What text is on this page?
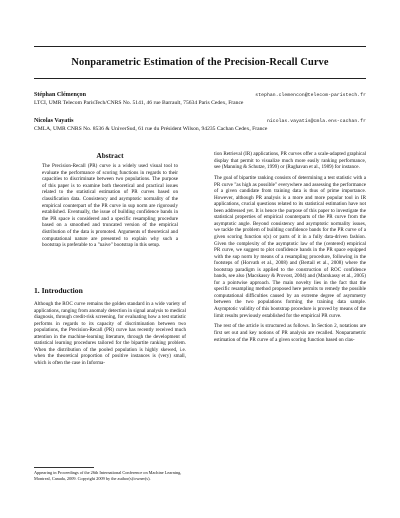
Nonparametric Estimation of the Precision-Recall Curve
Stéphan Clémençon	stephan.clemencon@telecom-paristech.fr
LTCI, UMR Telecom ParisTech/CNRS No. 5141, 46 rue Barrault, 75634 Paris Cedex, France
Nicolas Vayatis	nicolas.vayatis@cmla.ens-cachan.fr
CMLA, UMR CNRS No. 8536 & UniverSud, 61 rue du Président Wilson, 94235 Cachan Cedex, France
Abstract

The Precision-Recall (PR) curve is a widely used visual tool to evaluate the performance of scoring functions in regards to their capacities to discriminate between two populations. The purpose of this paper is to examine both theoretical and practical issues related to the statistical estimation of PR curves based on classification data. Consistency and asymptotic normality of the empirical counterpart of the PR curve in sup norm are rigorously established. Eventually, the issue of building confidence bands in the PR space is considered and a specific resampling procedure based on a smoothed and truncated version of the empirical distribution of the data is promoted. Arguments of theoretical and computational nature are presented to explain why such a bootstrap is preferable to a "naive" bootstrap in this setup.

1. Introduction

Although the ROC curve remains the golden standard in a wide variety of applications, ranging from anomaly detection in signal analysis to medical diagnosis, through credit-risk screening, for evaluating how a test statistic performs in regards to its capacity of discrimination between two populations, the Precision-Recall (PR) curve has recently received much attention in the machine-learning literature, through the development of statistical learning procedures tailored for the bipartite ranking problem. When the distribution of the pooled population is highly skewed, i.e. when the theoretical proportion of positive instances is (very) small, which is often the case in Informa-

Appearing in Proceedings of the 26th International Conference on Machine Learning, Montreal, Canada, 2009. Copyright 2009 by the author(s)/owner(s).

tion Retrieval (IR) applications, PR curves offer a scale-adapted graphical display that permit to visualize much more easily ranking performance, see (Manning & Schutze, 1999) or (Raghavan et al., 1989) for instance.

The goal of bipartite ranking consists of determining a test statistic with a PR curve "as high as possible" everywhere and assessing the performance of a given candidate from training data is thus of prime importance. However, although PR analysis is a more and more popular tool in IR applications, crucial questions related to its statistical estimation have not been addressed yet. It is hence the purpose of this paper to investigate the statistical properties of empirical counterparts of the PR curve from the asymptotic angle. Beyond consistency and asymptotic normality issues, we tackle the problem of building confidence bands for the PR curve of a given scoring function s(x) or parts of it in a fully data-driven fashion. Given the complexity of the asymptotic law of the (centered) empirical PR curve, we suggest to plot confidence bands in the PR space equipped with the sup norm by means of a resampling procedure, following in the footsteps of (Horvath et al., 2008) and (Bertail et al., 2008) where the bootstrap paradigm is applied to the construction of ROC confidence bands, see also (Macskassy & Provost, 2004) and (Macskassy et al., 2005) for a pointwise approach. The main novelty lies in the fact that the specific resampling method proposed here permits to remedy the possible computational difficulties caused by an extreme degree of asymmetry between the two populations forming the training data sample. Asymptotic validity of this bootstrap procedure is proved by means of the limit results previously established for the empirical PR curve.

The rest of the article is structured as follows. In Section 2, notations are first set out and key notions of PR analysis are recalled. Nonparametric estimation of the PR curve of a given scoring function based on clas-
